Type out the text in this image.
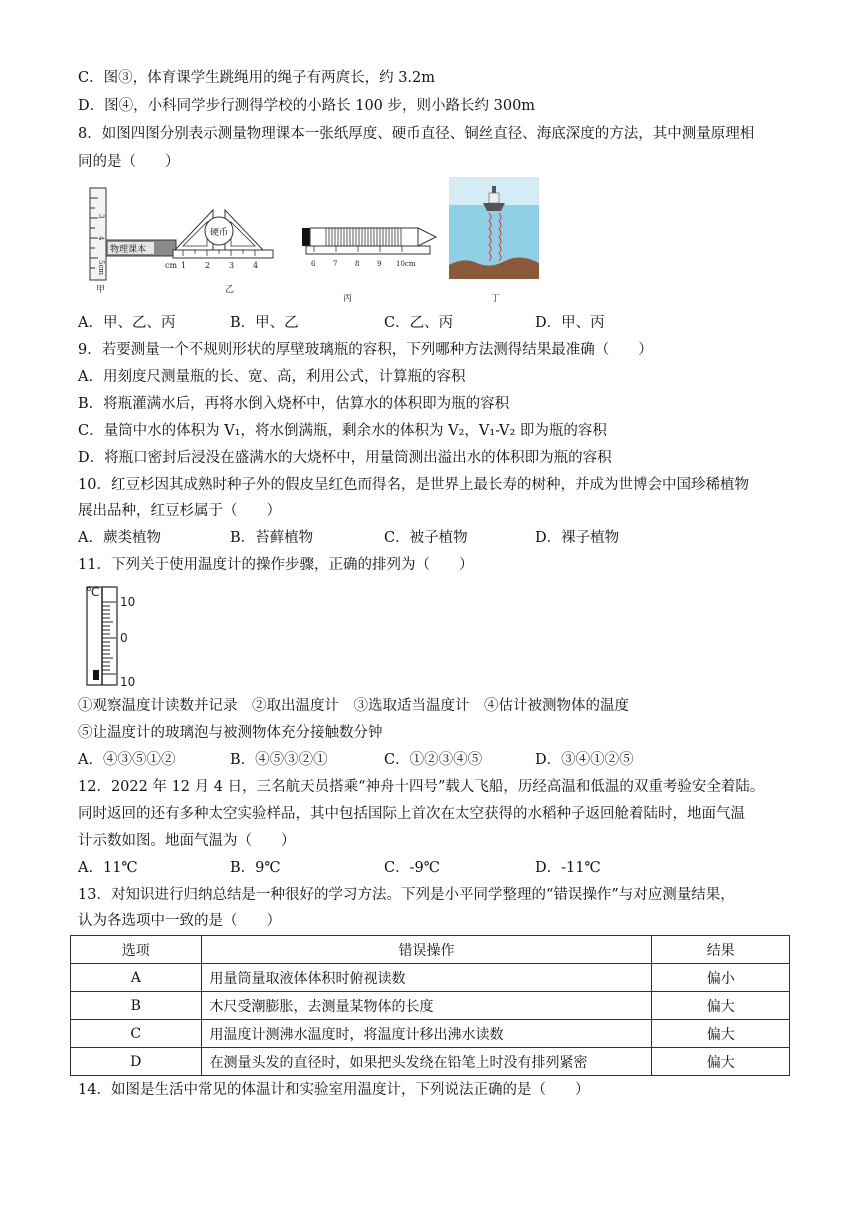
C．图③，体育课学生跳绳用的绳子有两庹长，约 3.2m
D．图④，小科同学步行测得学校的小路长 100 步，则小路长约 300m
8．如图四图分别表示测量物理课本一张纸厚度、硬币直径、铜丝直径、海底深度的方法，其中测量原理相
同的是（　　）
3
4
5cm
物理课本
甲
硬币
cm 1 2 3 4
乙
6	7	8	9 10cm
丙	丁
A．甲、乙、丙	B．甲、乙	C．乙、丙	D．甲、丙
9．若要测量一个不规则形状的厚壁玻璃瓶的容积，下列哪种方法测得结果最准确（　　）
A．用刻度尺测量瓶的长、宽、高，利用公式，计算瓶的容积
B．将瓶灌满水后，再将水倒入烧杯中，估算水的体积即为瓶的容积
C．量筒中水的体积为 V₁，将水倒满瓶，剩余水的体积为 V₂，V₁-V₂ 即为瓶的容积
D．将瓶口密封后浸没在盛满水的大烧杯中，用量筒测出溢出水的体积即为瓶的容积
10．红豆杉因其成熟时种子外的假皮呈红色而得名，是世界上最长寿的树种，并成为世博会中国珍稀植物
展出品种，红豆杉属于（　　）
A．蕨类植物	B．苔藓植物	C．被子植物	D．裸子植物
11．下列关于使用温度计的操作步骤，正确的排列为（　　）
℃
10
0
10
①观察温度计读数并记录　②取出温度计　③选取适当温度计　④估计被测物体的温度
⑤让温度计的玻璃泡与被测物体充分接触数分钟
A．④③⑤①②	B．④⑤③②①	C．①②③④⑤	D．③④①②⑤
12．2022 年 12 月 4 日，三名航天员搭乘“神舟十四号”载人飞船，历经高温和低温的双重考验安全着陆。
同时返回的还有多种太空实验样品，其中包括国际上首次在太空获得的水稻种子返回舱着陆时，地面气温
计示数如图。地面气温为（　　）
A．11℃	B．9℃	C．-9℃	D．-11℃
13．对知识进行归纳总结是一种很好的学习方法。下列是小平同学整理的“错误操作”与对应测量结果，
认为各选项中一致的是（　　）
选项	错误操作	结果
A	用量筒量取液体体积时俯视读数	偏小
B	木尺受潮膨胀，去测量某物体的长度	偏大
C	用温度计测沸水温度时，将温度计移出沸水读数	偏大
D	在测量头发的直径时，如果把头发绕在铅笔上时没有排列紧密	偏大
14．如图是生活中常见的体温计和实验室用温度计，下列说法正确的是（　　）
